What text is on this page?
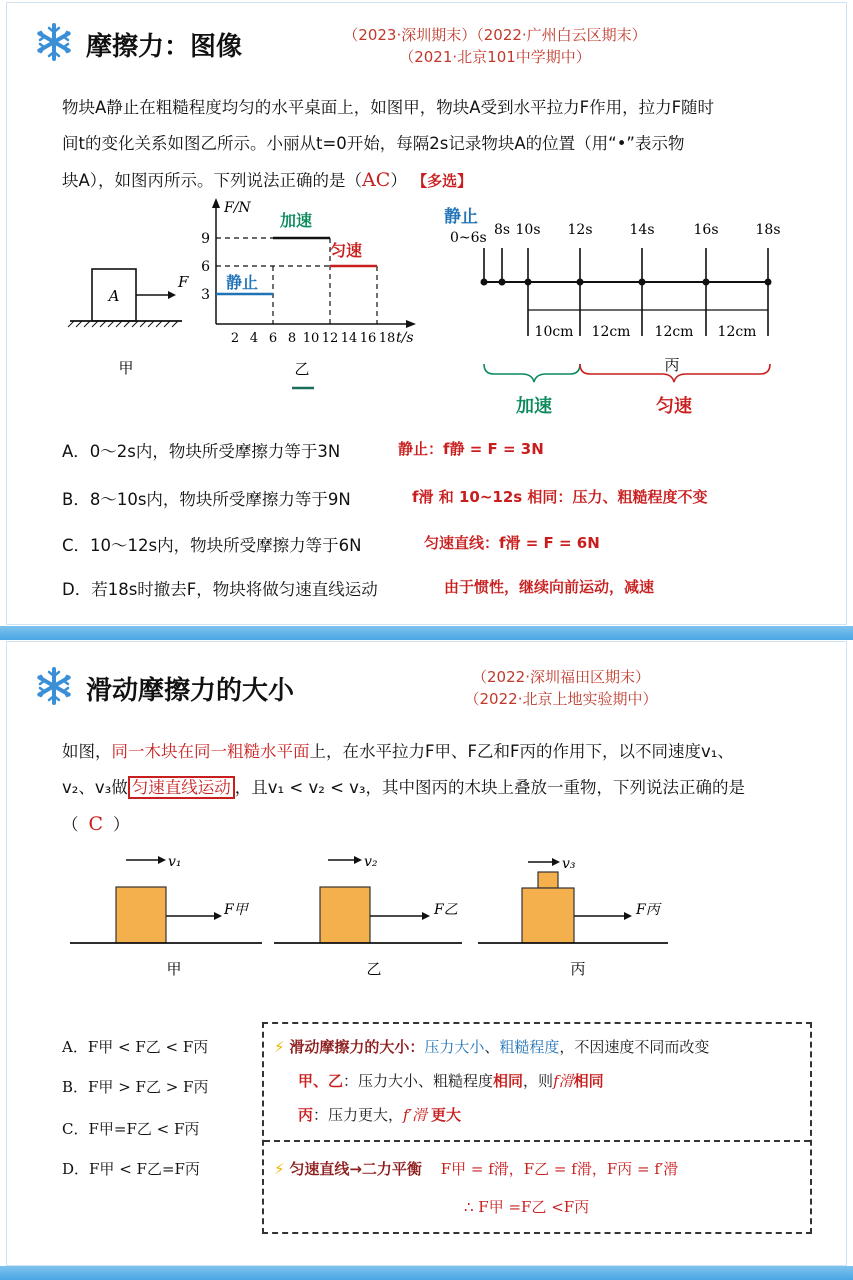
摩擦力：图像	（2023·深圳期末）（2022·广州白云区期末）
（2021·北京101中学期中）
物块A静止在粗糙程度均匀的水平桌面上，如图甲，物块A受到水平拉力F作用，拉力F随时
间t的变化关系如图乙所示。小丽从t=0开始，每隔2s记录物块A的位置（用“•”表示物
块A），如图丙所示。下列说法正确的是（AC） 【多选】
A
F
甲
F/N
t/s
9
6
3
2 4 6 8 10 12 14 16 18
加速
静止
匀速
乙
静止
0~6s 8s 10s 12s	14s	16s	18s
10cm 12cm 12cm 12cm
丙
加速	匀速
A．0～2s内，物块所受摩擦力等于3N	静止：f静 = F = 3N
B．8～10s内，物块所受摩擦力等于9N	f滑 和 10~12s 相同：压力、粗糙程度不变
C．10～12s内，物块所受摩擦力等于6N	匀速直线：f滑 = F = 6N
D．若18s时撤去F，物块将做匀速直线运动	由于惯性，继续向前运动，减速
滑动摩擦力的大小	（2022·深圳福田区期末）
（2022·北京上地实验期中）
如图，同一木块在同一粗糙水平面上，在水平拉力F甲、F乙和F丙的作用下，以不同速度v₁、
v₂、v₃做 匀速直线运动 ，且v₁ < v₂ < v₃，其中图丙的木块上叠放一重物，下列说法正确的是
（ C ）
v₁
F甲
甲
v₂
F乙
乙
v₃
F丙
丙
A．F甲 < F乙 < F丙
B．F甲 > F乙 > F丙
C．F甲=F乙 < F丙
D．F甲 < F乙=F丙
⚡ 滑动摩擦力的大小：压力大小、粗糙程度，不因速度不同而改变
甲、乙：压力大小、粗糙程度相同，则f滑相同
丙：压力更大，f′滑 更大
⚡ 匀速直线→二力平衡 F甲 = f滑，F乙 = f滑，F丙 = f′滑
∴ F甲 =F乙 <F丙
